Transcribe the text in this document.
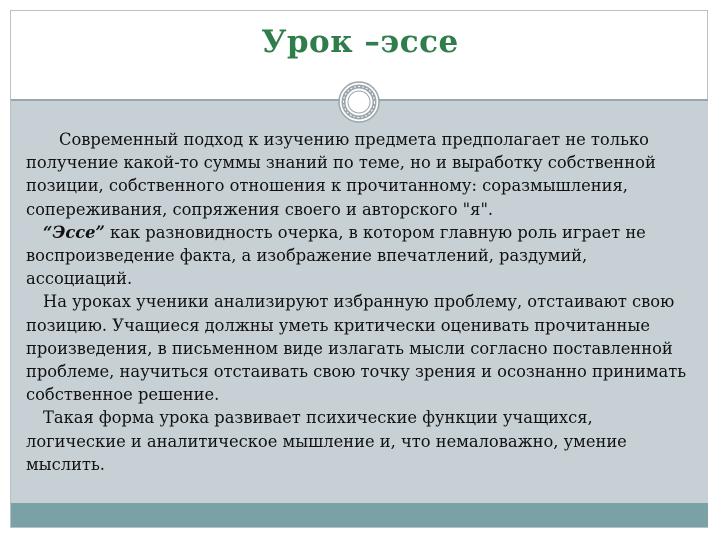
Урок –эссе

Современный подход к изучению предмета предполагает не только получение какой-то суммы знаний по теме, но и выработку собственной позиции, собственного отношения к прочитанному: соразмышления, сопереживания, сопряжения своего и авторского "я".

“Эссе” как разновидность очерка, в котором главную роль играет не воспроизведение факта, а изображение впечатлений, раздумий, ассоциаций.

На уроках ученики анализируют избранную проблему, отстаивают свою позицию. Учащиеся должны уметь критически оценивать прочитанные произведения, в письменном виде излагать мысли согласно поставленной проблеме, научиться отстаивать свою точку зрения и осознанно принимать собственное решение.

Такая форма урока развивает психические функции учащихся, логические и аналитическое мышление и, что немаловажно, умение мыслить.
